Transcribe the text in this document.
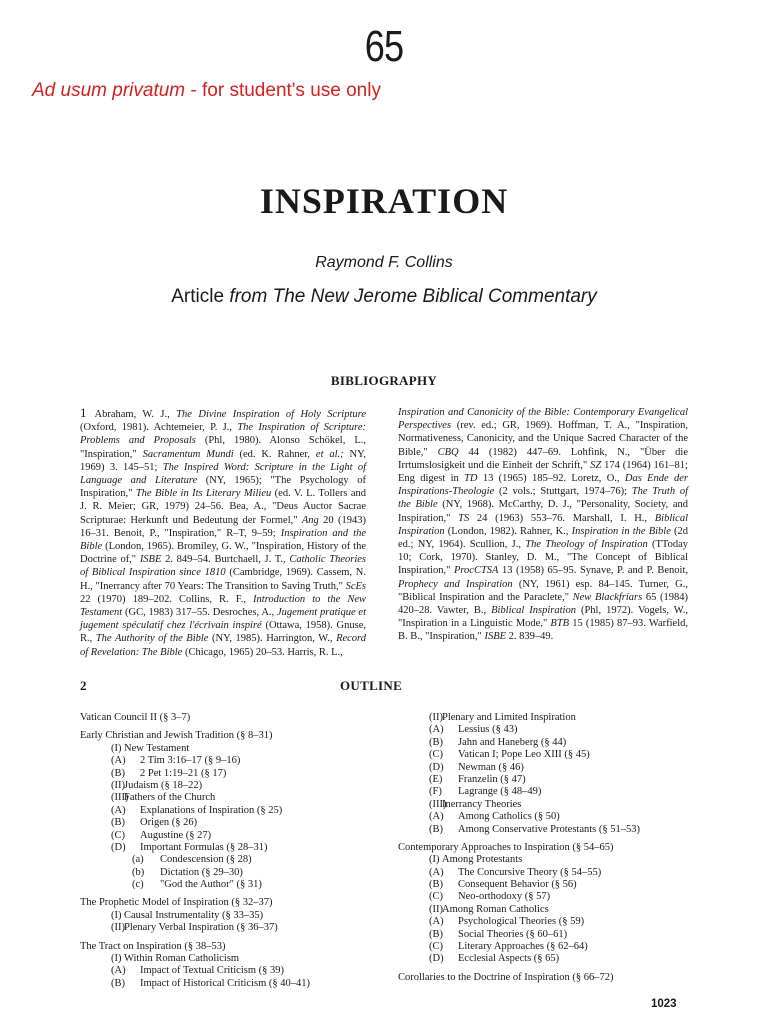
65
Ad usum privatum - for student's use only
INSPIRATION
Raymond F. Collins
Article from The New Jerome Biblical Commentary
BIBLIOGRAPHY
1 Abraham, W. J., The Divine Inspiration of Holy Scripture (Oxford, 1981). Achtemeier, P. J., The Inspiration of Scripture: Problems and Proposals (Phl, 1980). Alonso Schökel, L., "Inspiration," Sacramentum Mundi (ed. K. Rahner, et al.; NY, 1969) 3. 145–51; The Inspired Word: Scripture in the Light of Language and Literature (NY, 1965); "The Psychology of Inspiration," The Bible in Its Literary Milieu (ed. V. L. Tollers and J. R. Meier; GR, 1979) 24–56. Bea, A., "Deus Auctor Sacrae Scripturae: Herkunft und Bedeutung der Formel," Ang 20 (1943) 16–31. Benoit, P., "Inspiration," R–T, 9–59; Inspiration and the Bible (London, 1965). Bromiley, G. W., "Inspiration, History of the Doctrine of," ISBE 2. 849–54. Burtchaell, J. T., Catholic Theories of Biblical Inspiration since 1810 (Cambridge, 1969). Cassem, N. H., "Inerrancy after 70 Years: The Transition to Saving Truth," ScEs 22 (1970) 189–202. Collins, R. F., Introduction to the New Testament (GC, 1983) 317–55. Desroches, A., Jugement pratique et jugement spéculatif chez l'écrivain inspiré (Ottawa, 1958). Gnuse, R., The Authority of the Bible (NY, 1985). Harrington, W., Record of Revelation: The Bible (Chicago, 1965) 20–53. Harris, R. L.,
Inspiration and Canonicity of the Bible: Contemporary Evangelical Perspectives (rev. ed.; GR, 1969). Hoffman, T. A., "Inspiration, Normativeness, Canonicity, and the Unique Sacred Character of the Bible," CBQ 44 (1982) 447–69. Lohfink, N., "Über die Irrtumslosigkeit und die Einheit der Schrift," SZ 174 (1964) 161–81; Eng digest in TD 13 (1965) 185–92. Loretz, O., Das Ende der Inspirations-Theologie (2 vols.; Stuttgart, 1974–76); The Truth of the Bible (NY, 1968). McCarthy, D. J., "Personality, Society, and Inspiration," TS 24 (1963) 553–76. Marshall, I. H., Biblical Inspiration (London, 1982). Rahner, K., Inspiration in the Bible (2d ed.; NY, 1964). Scullion, J., The Theology of Inspiration (TToday 10; Cork, 1970). Stanley, D. M., "The Concept of Biblical Inspiration," ProcCTSA 13 (1958) 65–95. Synave, P. and P. Benoit, Prophecy and Inspiration (NY, 1961) esp. 84–145. Turner, G., "Biblical Inspiration and the Paraclete," New Blackfriars 65 (1984) 420–28. Vawter, B., Biblical Inspiration (Phl, 1972). Vogels, W., "Inspiration in a Linguistic Mode," BTB 15 (1985) 87–93. Warfield, B. B., "Inspiration," ISBE 2. 839–49.
2	OUTLINE
Vatican Council II (§ 3–7)
Early Christian and Jewish Tradition (§ 8–31)
(I) New Testament
(A) 2 Tim 3:16–17 (§ 9–16)
(B) 2 Pet 1:19–21 (§ 17)
(II) Judaism (§ 18–22)
(III)
Fathers of the Church
(A) Explanations of Inspiration (§ 25)
(B) Origen (§ 26)
(C) Augustine (§ 27)
(D) Important Formulas (§ 28–31)
(a) Condescension (§ 28)
(b) Dictation (§ 29–30)
(c) "God the Author" (§ 31)
The Prophetic Model of Inspiration (§ 32–37)
(I) Causal Instrumentality (§ 33–35)
(II) Plenary Verbal Inspiration (§ 36–37)
The Tract on Inspiration (§ 38–53)
(I) Within Roman Catholicism
(A) Impact of Textual Criticism (§ 39)
(B) Impact of Historical Criticism (§ 40–41)
(II) Plenary and Limited Inspiration
(A) Lessius (§ 43)
(B) Jahn and Haneberg (§ 44)
(C) Vatican I; Pope Leo XIII (§ 45)
(D) Newman (§ 46)
(E) Franzelin (§ 47)
(F) Lagrange (§ 48–49)
(III)
Inerrancy Theories
(A) Among Catholics (§ 50)
(B) Among Conservative Protestants (§ 51–53)
Contemporary Approaches to Inspiration (§ 54–65)
(I) Among Protestants
(A) The Concursive Theory (§ 54–55)
(B) Consequent Behavior (§ 56)
(C) Neo-orthodoxy (§ 57)
(II) Among Roman Catholics
(A) Psychological Theories (§ 59)
(B) Social Theories (§ 60–61)
(C) Literary Approaches (§ 62–64)
(D) Ecclesial Aspects (§ 65)
Corollaries to the Doctrine of Inspiration (§ 66–72)
1023
